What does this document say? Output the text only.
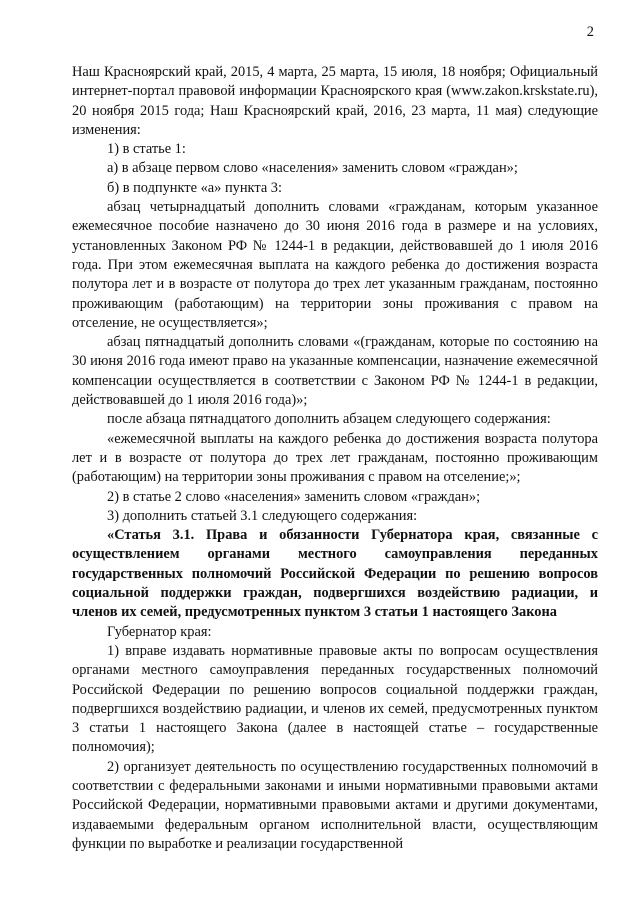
2

Наш Красноярский край, 2015, 4 марта, 25 марта, 15 июля, 18 ноября; Официальный интернет-портал правовой информации Красноярского края (www.zakon.krskstate.ru), 20 ноября 2015 года; Наш Красноярский край, 2016, 23 марта, 11 мая) следующие изменения:

1) в статье 1:

а) в абзаце первом слово «населения» заменить словом «граждан»;

б) в подпункте «а» пункта 3:

абзац четырнадцатый дополнить словами «гражданам, которым указанное ежемесячное пособие назначено до 30 июня 2016 года в размере и на условиях, установленных Законом РФ № 1244-1 в редакции, действовавшей до 1 июля 2016 года. При этом ежемесячная выплата на каждого ребенка до достижения возраста полутора лет и в возрасте от полутора до трех лет указанным гражданам, постоянно проживающим (работающим) на территории зоны проживания с правом на отселение, не осуществляется»;

абзац пятнадцатый дополнить словами «(гражданам, которые по состоянию на 30 июня 2016 года имеют право на указанные компенсации, назначение ежемесячной компенсации осуществляется в соответствии с Законом РФ № 1244-1 в редакции, действовавшей до 1 июля 2016 года)»;

после абзаца пятнадцатого дополнить абзацем следующего содержания:

«ежемесячной выплаты на каждого ребенка до достижения возраста полутора лет и в возрасте от полутора до трех лет гражданам, постоянно проживающим (работающим) на территории зоны проживания с правом на отселение;»;

2) в статье 2 слово «населения» заменить словом «граждан»;

3) дополнить статьей 3.1 следующего содержания:

«Статья 3.1. Права и обязанности Губернатора края, связанные с осуществлением органами местного самоуправления переданных государственных полномочий Российской Федерации по решению вопросов социальной поддержки граждан, подвергшихся воздействию радиации, и членов их семей, предусмотренных пунктом 3 статьи 1 настоящего Закона

Губернатор края:

1) вправе издавать нормативные правовые акты по вопросам осуществления органами местного самоуправления переданных государственных полномочий Российской Федерации по решению вопросов социальной поддержки граждан, подвергшихся воздействию радиации, и членов их семей, предусмотренных пунктом 3 статьи 1 настоящего Закона (далее в настоящей статье – государственные полномочия);

2) организует деятельность по осуществлению государственных полномочий в соответствии с федеральными законами и иными нормативными правовыми актами Российской Федерации, нормативными правовыми актами и другими документами, издаваемыми федеральным органом исполнительной власти, осуществляющим функции по выработке и реализации государственной
